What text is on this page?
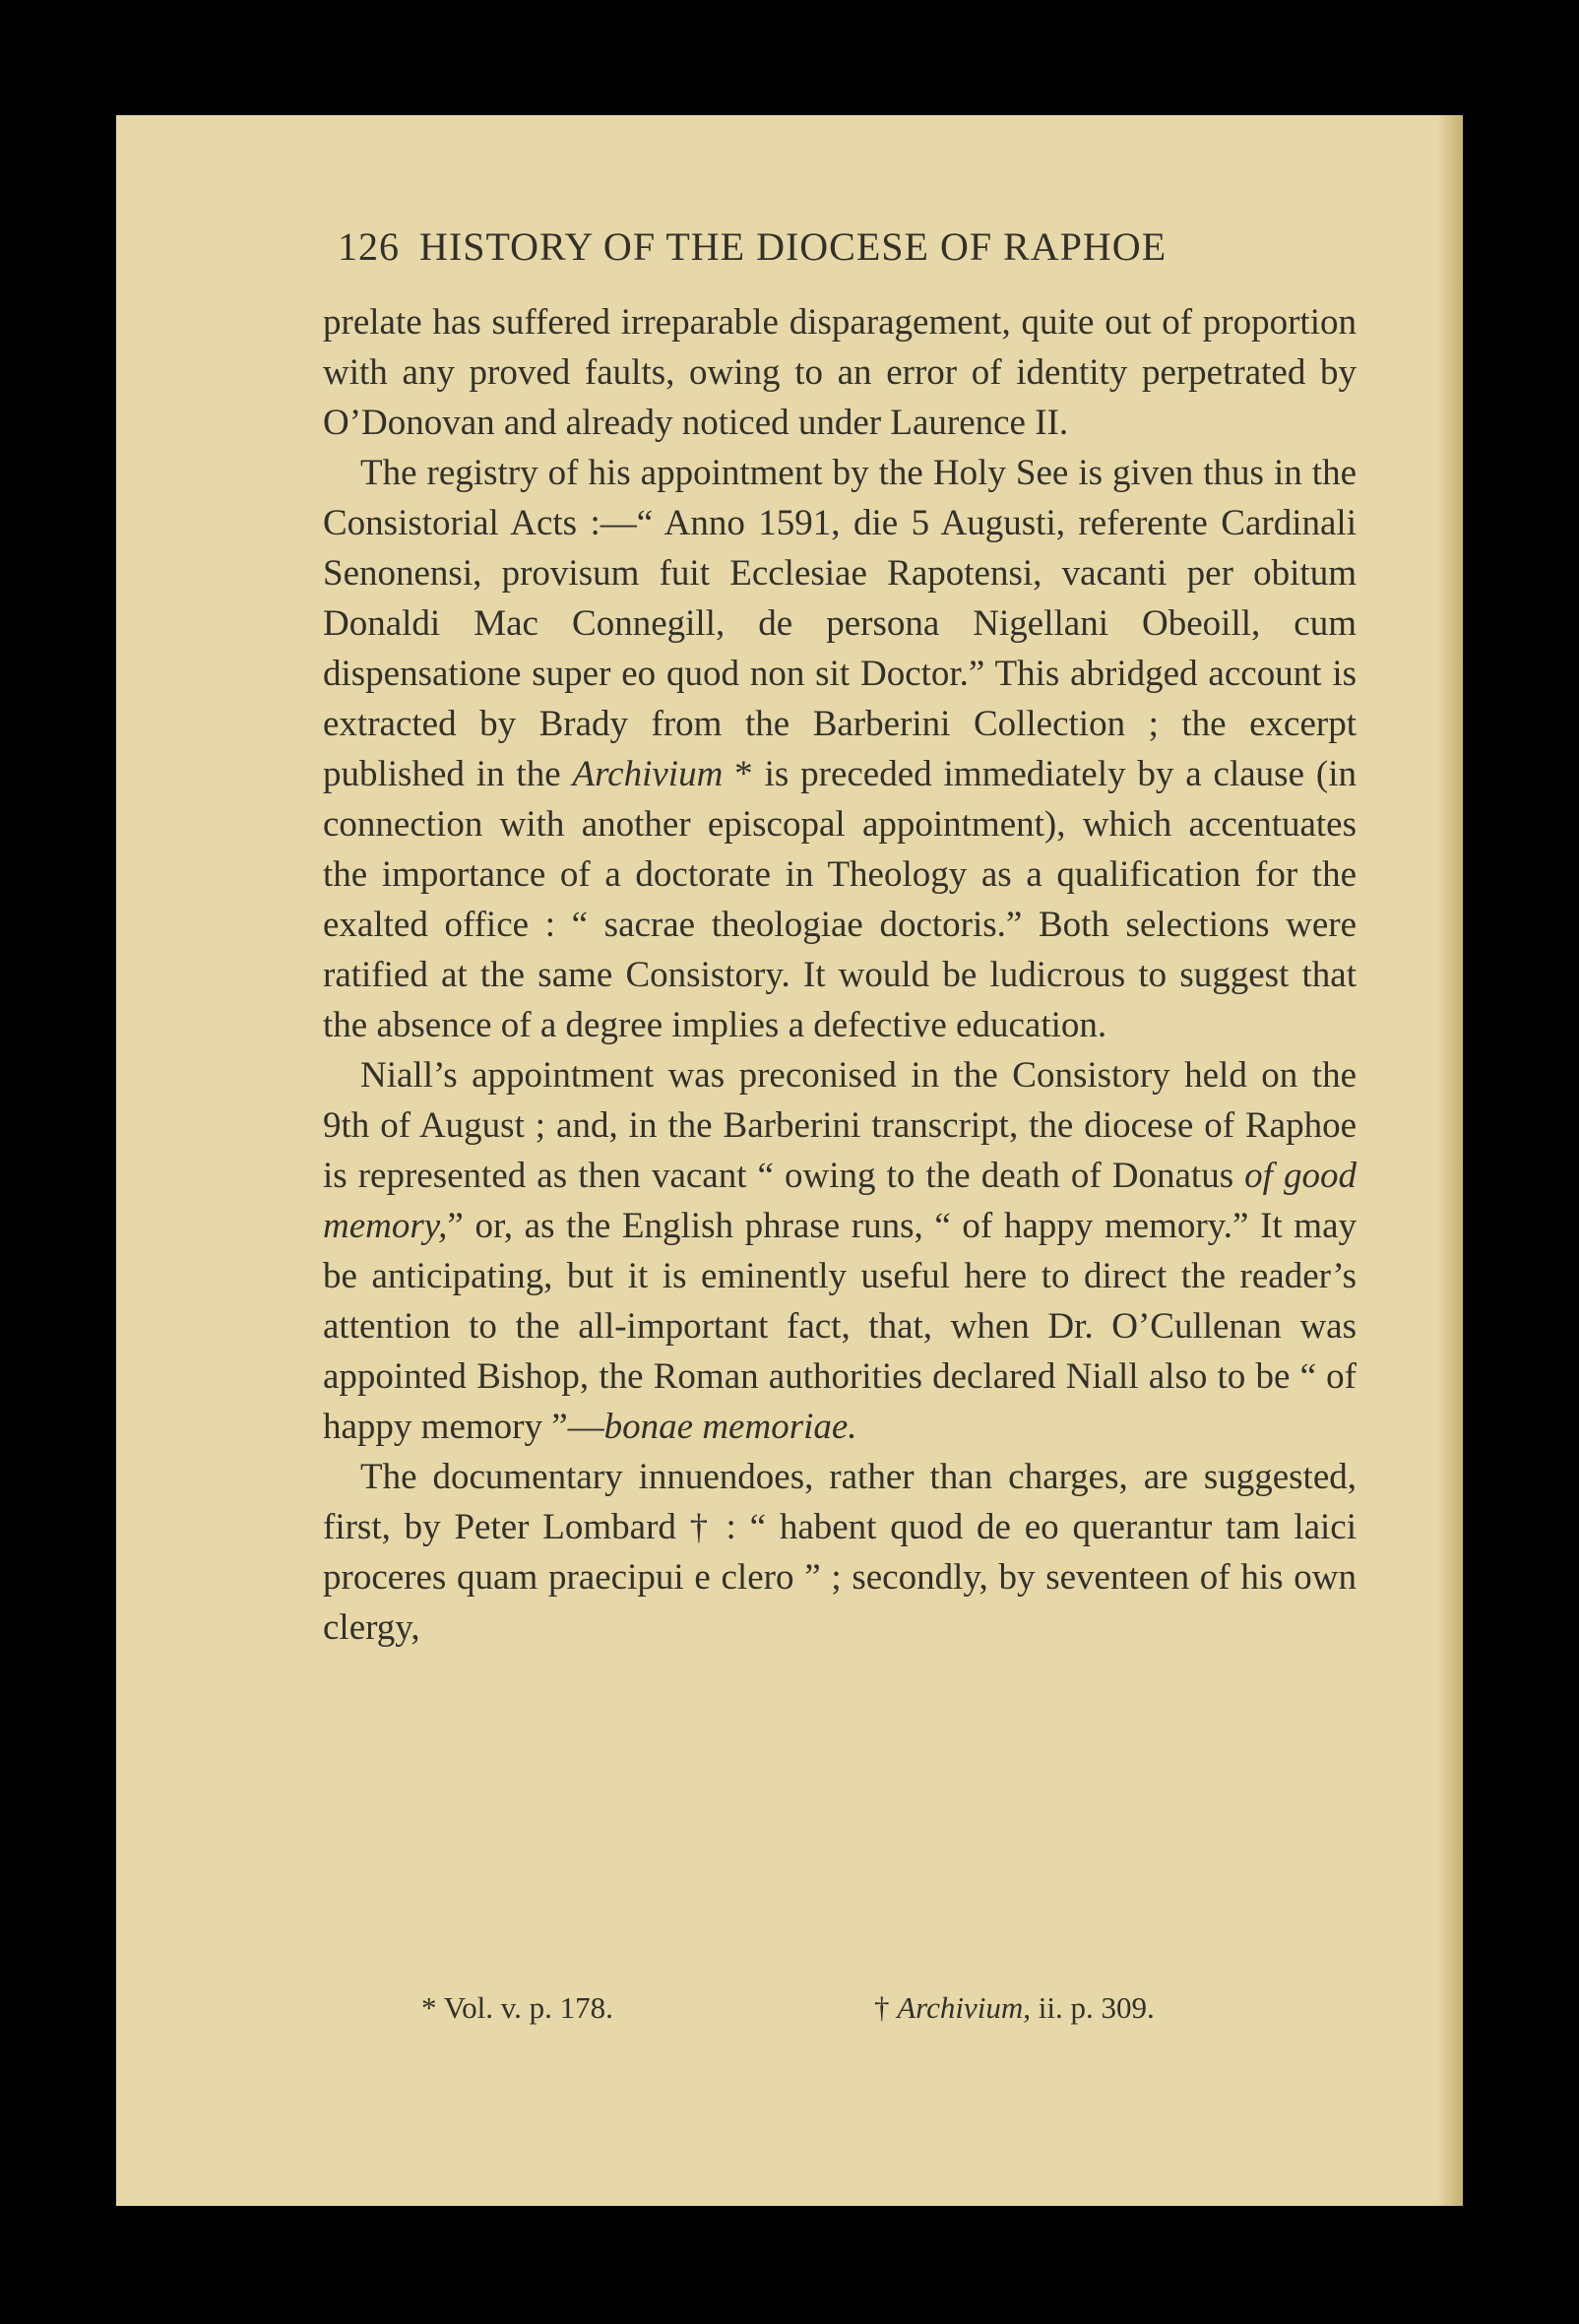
126 HISTORY OF THE DIOCESE OF RAPHOE

prelate has suffered irreparable disparagement, quite out of proportion with any proved faults, owing to an error of identity perpetrated by O’Donovan and already noticed under Laurence II.

The registry of his appointment by the Holy See is given thus in the Consistorial Acts :—“ Anno 1591, die 5 Augusti, referente Cardinali Senonensi, provisum fuit Ecclesiae Rapotensi, vacanti per obitum Donaldi Mac Connegill, de persona Nigellani Obeoill, cum dispensatione super eo quod non sit Doctor.” This abridged account is extracted by Brady from the Barberini Collection ; the excerpt published in the Archivium * is preceded immediately by a clause (in connection with another episcopal appointment), which accentuates the importance of a doctorate in Theology as a qualification for the exalted office : “ sacrae theologiae doctoris.” Both selections were ratified at the same Consistory. It would be ludicrous to suggest that the absence of a degree implies a defective education.

Niall’s appointment was preconised in the Consistory held on the 9th of August ; and, in the Barberini transcript, the diocese of Raphoe is represented as then vacant “ owing to the death of Donatus of good memory,” or, as the English phrase runs, “ of happy memory.” It may be anticipating, but it is eminently useful here to direct the reader’s attention to the all-important fact, that, when Dr. O’Cullenan was appointed Bishop, the Roman authorities declared Niall also to be “ of happy memory ”—bonae memoriae.

The documentary innuendoes, rather than charges, are suggested, first, by Peter Lombard † : “ habent quod de eo querantur tam laici proceres quam praecipui e clero ” ; secondly, by seventeen of his own clergy,

* Vol. v. p. 178.	† Archivium, ii. p. 309.
